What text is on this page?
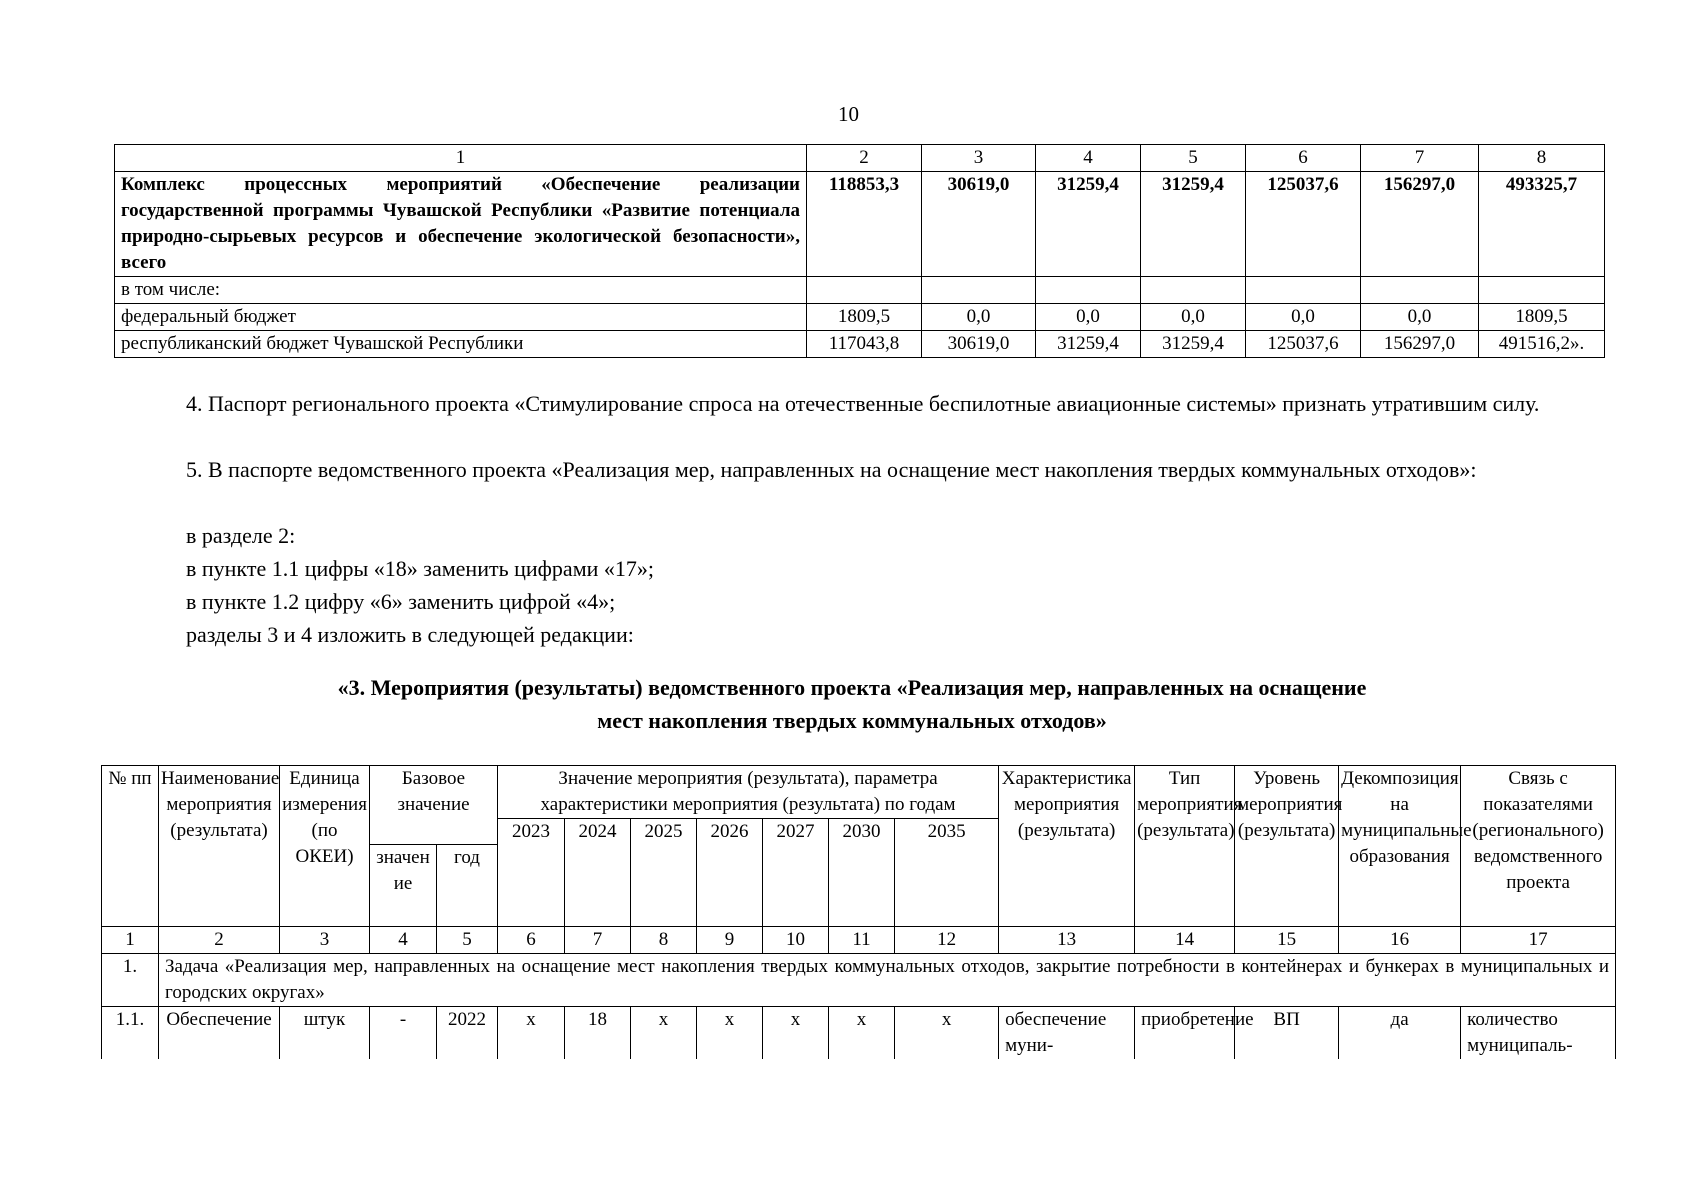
10
1	2	3	4	5	6	7	8
Комплекс процессных мероприятий «Обеспечение реализации государственной программы Чувашской Республики «Развитие потенциала природно-сырьевых ресурсов и обеспечение экологической безопасности», всего	118853,3	30619,0	31259,4	31259,4	125037,6	156297,0	493325,7
в том числе:							
федеральный бюджет	1809,5	0,0	0,0	0,0	0,0	0,0	1809,5
республиканский бюджет Чувашской Республики	117043,8	30619,0	31259,4	31259,4	125037,6	156297,0	491516,2».
4. Паспорт регионального проекта «Стимулирование спроса на отечественные беспилотные авиационные системы» признать утратившим силу.
5. В паспорте ведомственного проекта «Реализация мер, направленных на оснащение мест накопления твердых коммунальных отходов»:
в разделе 2:
в пункте 1.1 цифры «18» заменить цифрами «17»;
в пункте 1.2 цифру «6» заменить цифрой «4»;
разделы 3 и 4 изложить в следующей редакции:
«3. Мероприятия (результаты) ведомственного проекта «Реализация мер, направленных на оснащение
мест накопления твердых коммунальных отходов»
№ пп	Наименование мероприятия (результата)	Единица измерения (по ОКЕИ)	Базовое значение		Значение мероприятия (результата), параметра характеристики мероприятия (результата) по годам							Характеристика мероприятия (результата)	Тип мероприятия (результата)	Уровень мероприятия (результата)	Декомпозиция на муниципальные образования	Связь с показателями (регионального) ведомственного проекта
					2023	2024	2025	2026	2027	2030	2035					
			значение	год												
1	2	3	4	5	6	7	8	9	10	11	12	13	14	15	16	17
1.	Задача «Реализация мер, направленных на оснащение мест накопления твердых коммунальных отходов, закрытие потребности в контейнерах и бункерах в муниципальных и городских округах»															
1.1.	Обеспечение	штук	-	2022	х	18	х	х	х	х	х	обеспечение муни-	приобретение	ВП	да	количество муниципаль-
